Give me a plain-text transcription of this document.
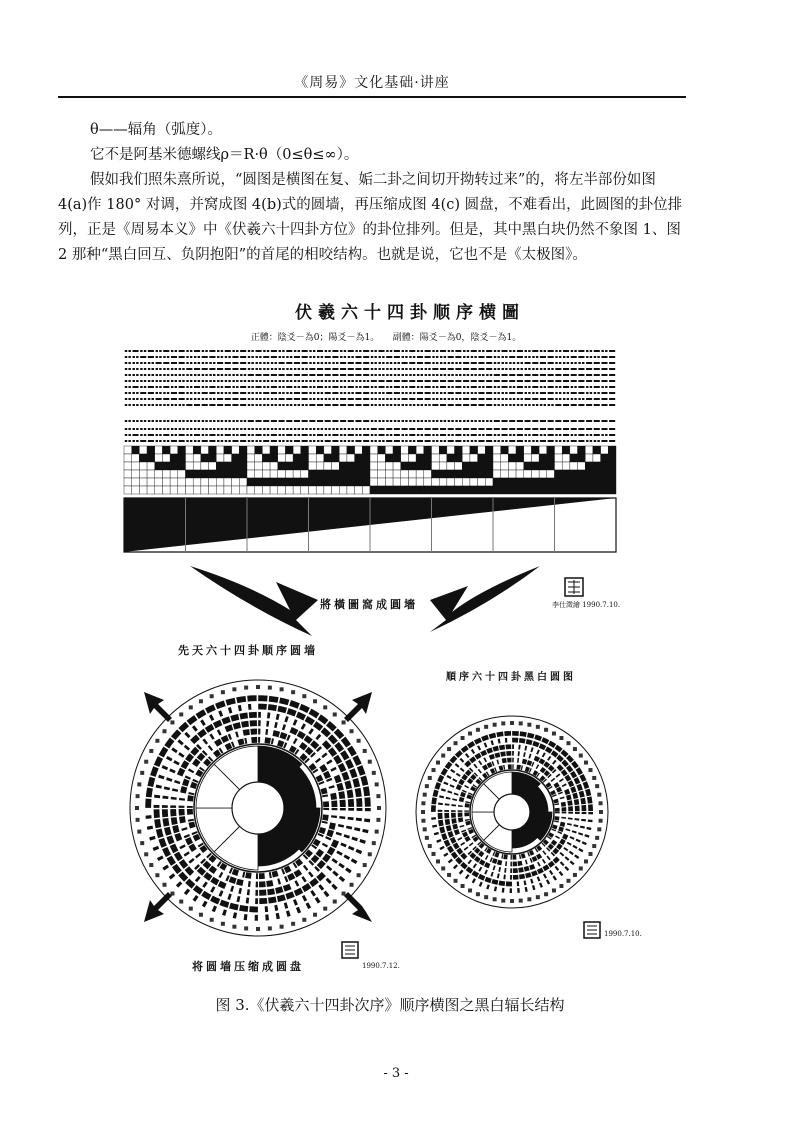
《周易》文化基础·讲座

θ——辐角（弧度）。

它不是阿基米德螺线ρ＝R·θ（0≤θ≤∞）。

假如我们照朱熹所说，“圆图是横图在复、姤二卦之间切开拗转过来”的，将左半部份如图 4(a)作 180° 对调，并窝成图 4(b)式的圆墙，再压缩成图 4(c) 圆盘，不难看出，此圆图的卦位排列，正是《周易本义》中《伏羲六十四卦方位》的卦位排列。但是，其中黑白块仍然不象图 1、图 2 那种“黑白回互、负阴抱阳”的首尾的相咬结构。也就是说，它也不是《太极图》。

伏羲六十四卦顺序横圖
正體：陰爻－為0；陽爻－為1。　　副體：陽爻－為0，陰爻－為1。
將橫圖窩成圓墻	李仕澂繪 1990.7.10.
先天六十四卦顺序圆墙
順序六十四卦黑白圆图
将圆墙压缩成圆盘	1990.7.12.
1990.7.10.
图 3.《伏羲六十四卦次序》顺序横图之黑白辐长结构
- 3 -
